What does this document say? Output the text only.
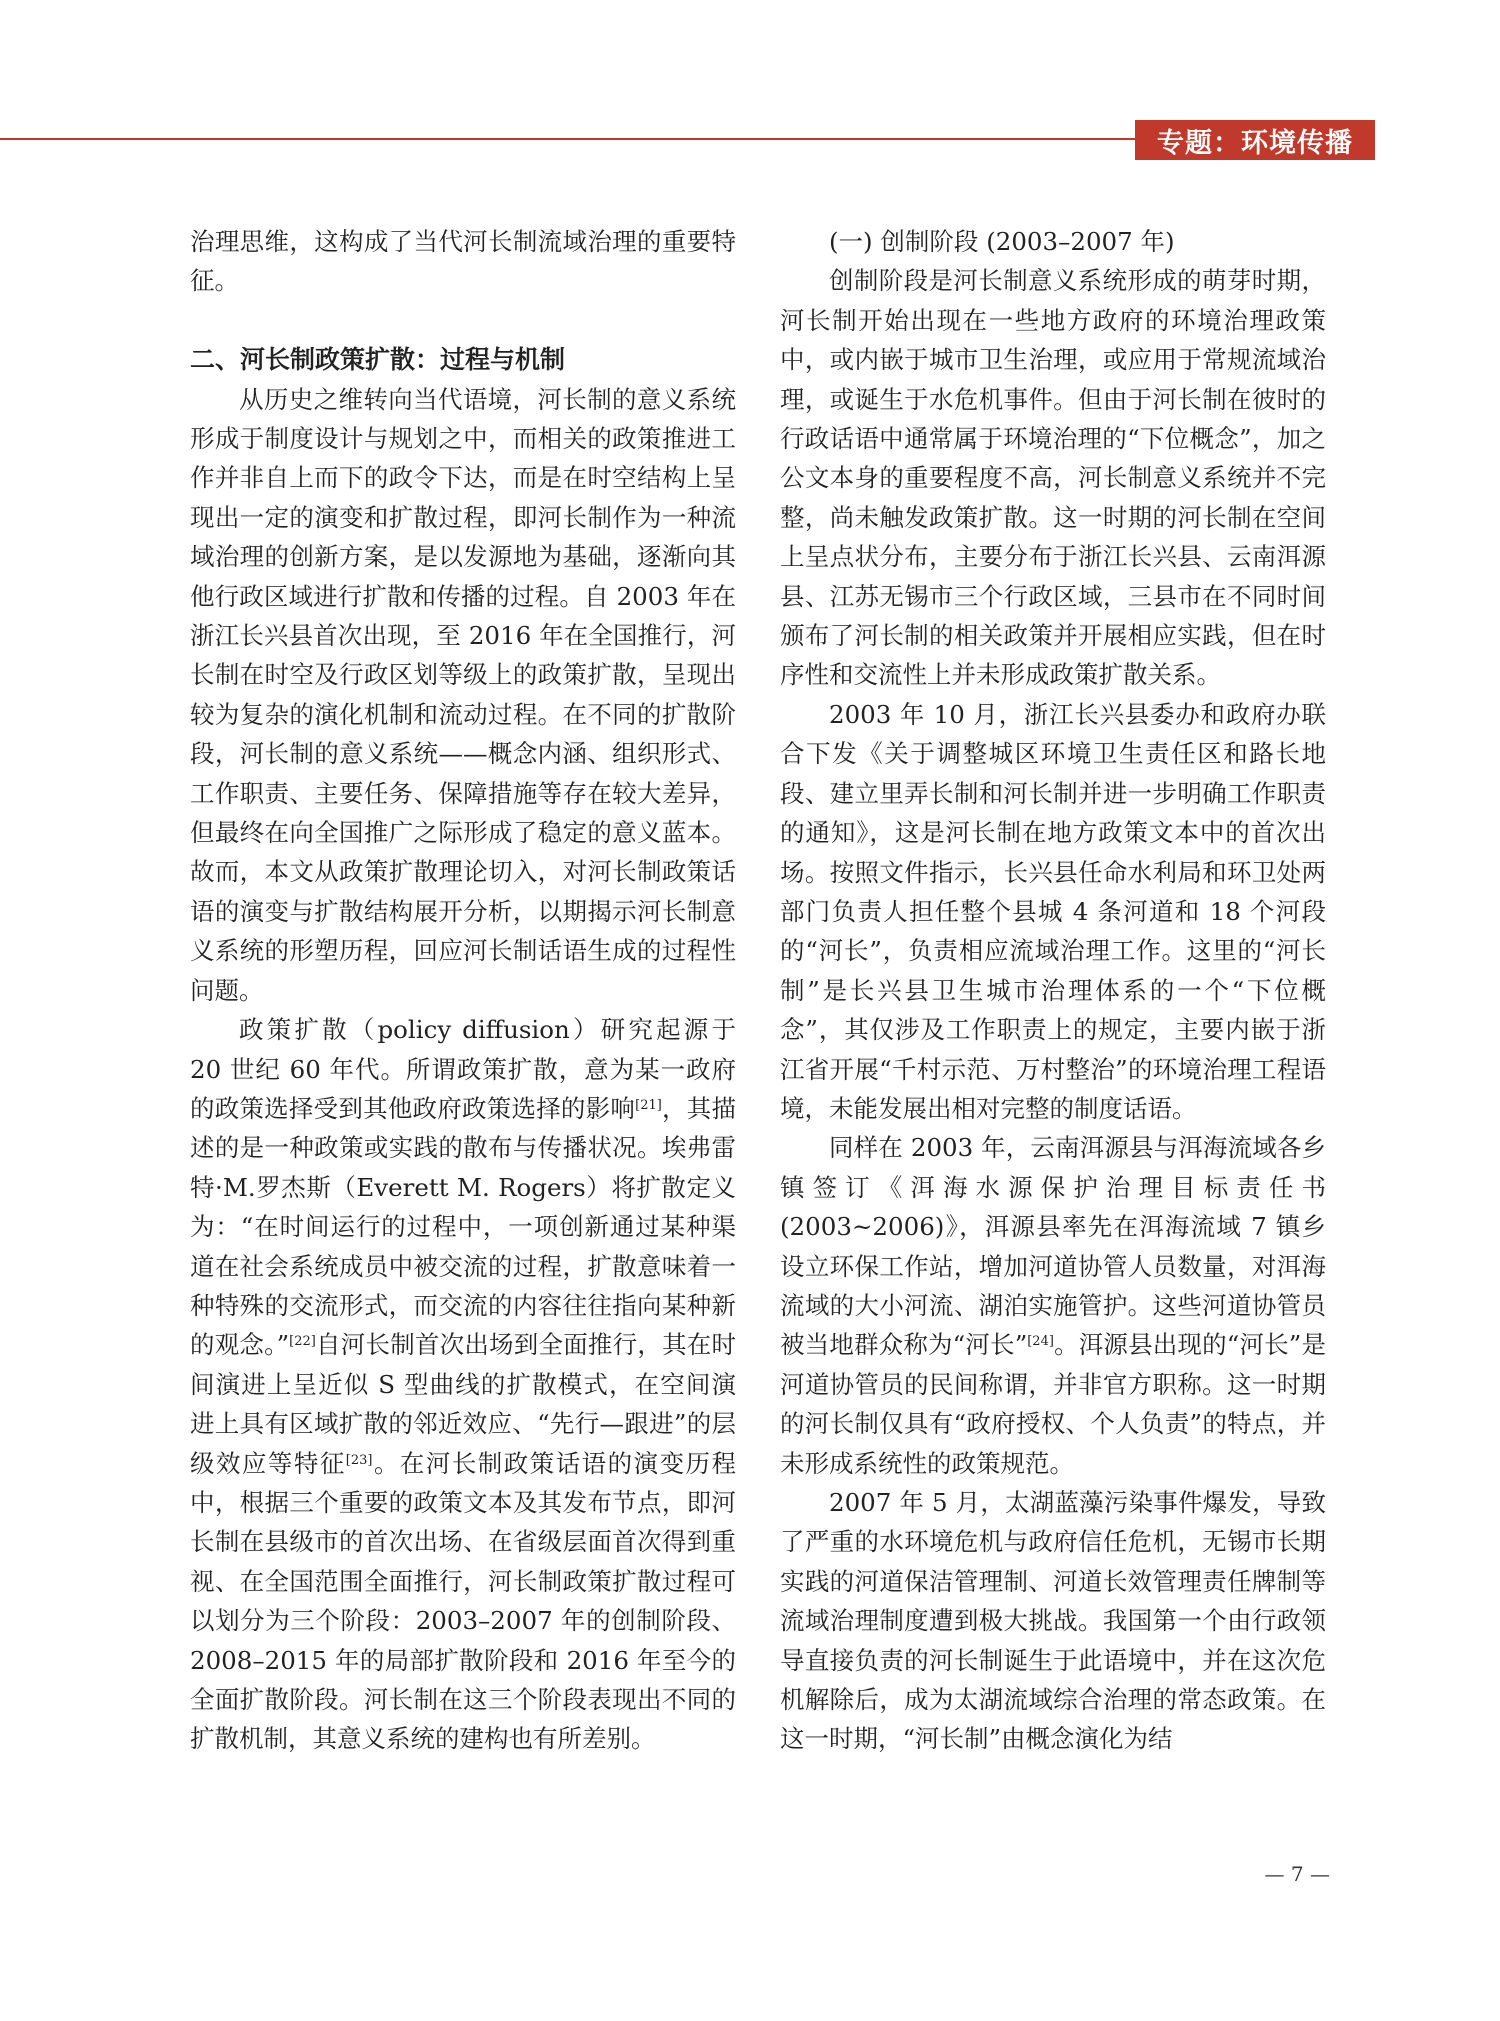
专题：环境传播

治理思维，这构成了当代河长制流域治理的重要特征。

二、河长制政策扩散：过程与机制

从历史之维转向当代语境，河长制的意义系统形成于制度设计与规划之中，而相关的政策推进工作并非自上而下的政令下达，而是在时空结构上呈现出一定的演变和扩散过程，即河长制作为一种流域治理的创新方案，是以发源地为基础，逐渐向其他行政区域进行扩散和传播的过程。自 2003 年在浙江长兴县首次出现，至 2016 年在全国推行，河长制在时空及行政区划等级上的政策扩散，呈现出较为复杂的演化机制和流动过程。在不同的扩散阶段，河长制的意义系统——概念内涵、组织形式、工作职责、主要任务、保障措施等存在较大差异，但最终在向全国推广之际形成了稳定的意义蓝本。故而，本文从政策扩散理论切入，对河长制政策话语的演变与扩散结构展开分析，以期揭示河长制意义系统的形塑历程，回应河长制话语生成的过程性问题。

政策扩散（policy diffusion）研究起源于 20 世纪 60 年代。所谓政策扩散，意为某一政府的政策选择受到其他政府政策选择的影响[21]，其描述的是一种政策或实践的散布与传播状况。埃弗雷特·M.罗杰斯（Everett M. Rogers）将扩散定义为：“在时间运行的过程中，一项创新通过某种渠道在社会系统成员中被交流的过程，扩散意味着一种特殊的交流形式，而交流的内容往往指向某种新的观念。”[22]自河长制首次出场到全面推行，其在时间演进上呈近似 S 型曲线的扩散模式，在空间演进上具有区域扩散的邻近效应、“先行—跟进”的层级效应等特征[23]。在河长制政策话语的演变历程中，根据三个重要的政策文本及其发布节点，即河长制在县级市的首次出场、在省级层面首次得到重视、在全国范围全面推行，河长制政策扩散过程可以划分为三个阶段：2003–2007 年的创制阶段、2008–2015 年的局部扩散阶段和 2016 年至今的全面扩散阶段。河长制在这三个阶段表现出不同的扩散机制，其意义系统的建构也有所差别。

(一) 创制阶段 (2003–2007 年)

创制阶段是河长制意义系统形成的萌芽时期，河长制开始出现在一些地方政府的环境治理政策中，或内嵌于城市卫生治理，或应用于常规流域治理，或诞生于水危机事件。但由于河长制在彼时的行政话语中通常属于环境治理的“下位概念”，加之公文本身的重要程度不高，河长制意义系统并不完整，尚未触发政策扩散。这一时期的河长制在空间上呈点状分布，主要分布于浙江长兴县、云南洱源县、江苏无锡市三个行政区域，三县市在不同时间颁布了河长制的相关政策并开展相应实践，但在时序性和交流性上并未形成政策扩散关系。

2003 年 10 月，浙江长兴县委办和政府办联合下发《关于调整城区环境卫生责任区和路长地段、建立里弄长制和河长制并进一步明确工作职责的通知》，这是河长制在地方政策文本中的首次出场。按照文件指示，长兴县任命水利局和环卫处两部门负责人担任整个县城 4 条河道和 18 个河段的“河长”，负责相应流域治理工作。这里的“河长制”是长兴县卫生城市治理体系的一个“下位概念”，其仅涉及工作职责上的规定，主要内嵌于浙江省开展“千村示范、万村整治”的环境治理工程语境，未能发展出相对完整的制度话语。

同样在 2003 年，云南洱源县与洱海流域各乡镇签订《洱海水源保护治理目标责任书(2003~2006)》，洱源县率先在洱海流域 7 镇乡设立环保工作站，增加河道协管人员数量，对洱海流域的大小河流、湖泊实施管护。这些河道协管员被当地群众称为“河长”[24]。洱源县出现的“河长”是河道协管员的民间称谓，并非官方职称。这一时期的河长制仅具有“政府授权、个人负责”的特点，并未形成系统性的政策规范。

2007 年 5 月，太湖蓝藻污染事件爆发，导致了严重的水环境危机与政府信任危机，无锡市长期实践的河道保洁管理制、河道长效管理责任牌制等流域治理制度遭到极大挑战。我国第一个由行政领导直接负责的河长制诞生于此语境中，并在这次危机解除后，成为太湖流域综合治理的常态政策。在这一时期，“河长制”由概念演化为结

— 7 —
